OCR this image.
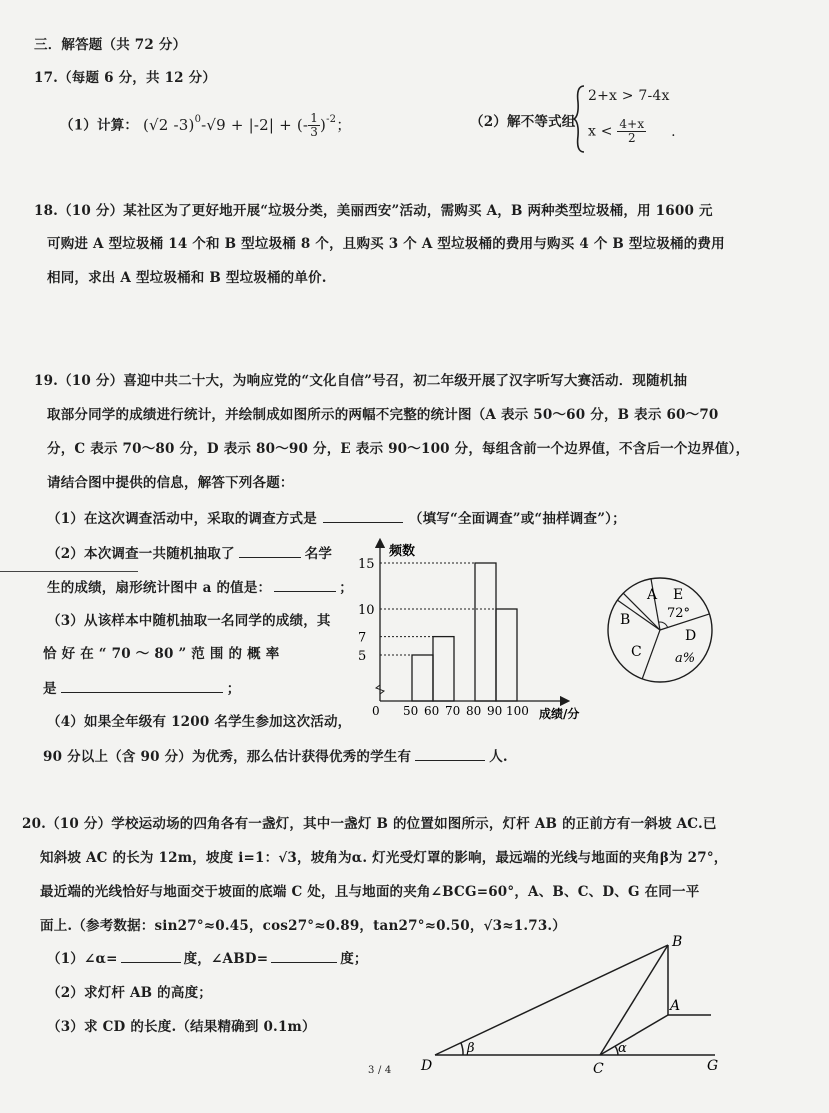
三．解答题（共 72 分）
17.（每题 6 分，共 12 分）
（1）计算： (√2 -3)$^0$-√9 + |-2| + (- $\frac{1}{3} )^{-2}$；	（2）解不等式组
2+x > 7-4x
$x < \frac{4+x}{2}$ .
18.（10 分）某社区为了更好地开展“垃圾分类，美丽西安”活动，需购买 A，B 两种类型垃圾桶，用 1600 元
可购进 A 型垃圾桶 14 个和 B 型垃圾桶 8 个，且购买 3 个 A 型垃圾桶的费用与购买 4 个 B 型垃圾桶的费用
相同，求出 A 型垃圾桶和 B 型垃圾桶的单价.
19.（10 分）喜迎中共二十大，为响应党的“文化自信”号召，初二年级开展了汉字听写大赛活动．现随机抽
取部分同学的成绩进行统计，并绘制成如图所示的两幅不完整的统计图（A 表示 50～60 分，B 表示 60～70
分，C 表示 70～80 分，D 表示 80～90 分，E 表示 90～100 分，每组含前一个边界值，不含后一个边界值），
请结合图中提供的信息，解答下列各题：
（1）在这次调查活动中，采取的调查方式是	（填写“全面调查”或“抽样调查”）；
（2）本次调查一共随机抽取了	名学
生的成绩，扇形统计图中 a 的值是：	；
（3）从该样本中随机抽取一名同学的成绩，其
恰 好 在 “ 70 ～ 80 ” 范 围 的 概 率
是	；
（4）如果全年级有 1200 名学生参加这次活动，
90 分以上（含 90 分）为优秀，那么估计获得优秀的学生有	人.
频数
成绩/分
0
5
7
10
15
50 60 70 80 90 100
A E
D
C
B	72°
a%
20.（10 分）学校运动场的四角各有一盏灯，其中一盏灯 B 的位置如图所示，灯杆 AB 的正前方有一斜坡 AC.已
知斜坡 AC 的长为 12m，坡度 i=1：√3，坡角为α. 灯光受灯罩的影响，最远端的光线与地面的夹角β为 27°，
最近端的光线恰好与地面交于坡面的底端 C 处，且与地面的夹角∠BCG=60°，A、B、C、D、G 在同一平
面上.（参考数据：sin27°≈0.45，cos27°≈0.89，tan27°≈0.50，√3≈1.73.）
（1）∠α=	度，∠ABD=	度；
（2）求灯杆 AB 的高度；
（3）求 CD 的长度.（结果精确到 0.1m）
B
A
D	C	G
β	α
3 / 4
